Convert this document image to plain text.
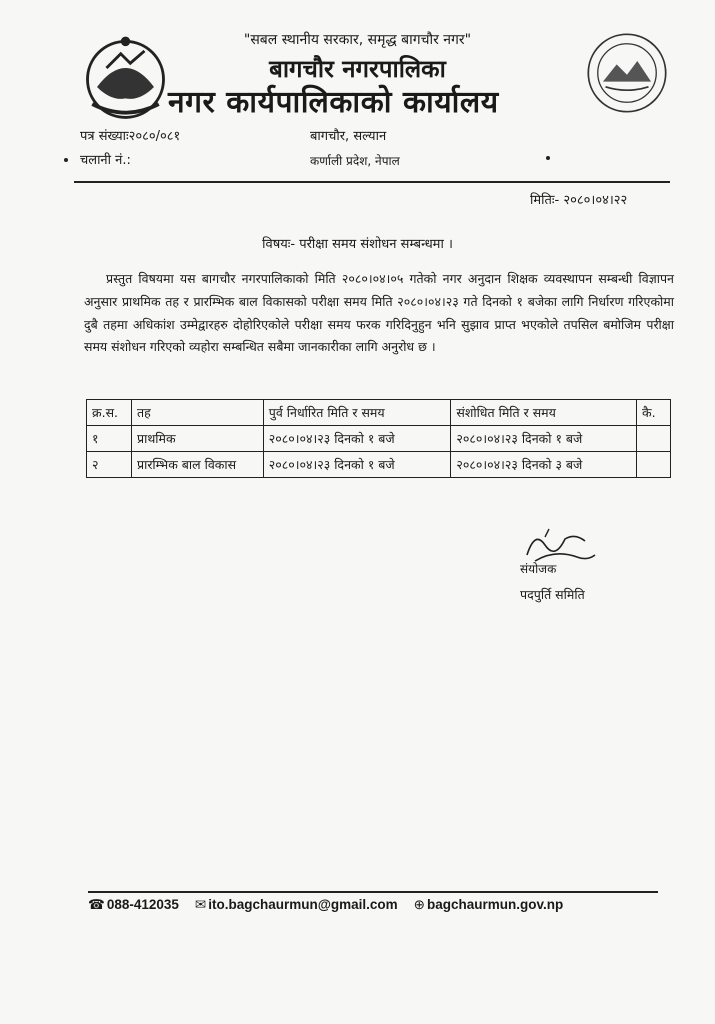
"सबल स्थानीय सरकार, समृद्ध बागचौर नगर"
बागचौर नगरपालिका
नगर कार्यपालिकाको कार्यालय
पत्र संख्याः२०८०/०८१
चलानी नं.:
बागचौर, सल्यान
कर्णाली प्रदेश, नेपाल
मितिः- २०८०।०४।२२
विषयः- परीक्षा समय संशोधन सम्बन्धमा ।
प्रस्तुत विषयमा यस बागचौर नगरपालिकाको मिति २०८०।०४।०५ गतेको नगर अनुदान शिक्षक व्यवस्थापन सम्बन्धी विज्ञापन अनुसार प्राथमिक तह र प्रारम्भिक बाल विकासको परीक्षा समय मिति २०८०।०४।२३ गते दिनको १ बजेका लागि निर्धारण गरिएकोमा दुबै तहमा अधिकांश उम्मेद्वारहरु दोहोरिएकोले परीक्षा समय फरक गरिदिनुहुन भनि सुझाव प्राप्त भएकोले तपसिल बमोजिम परीक्षा समय संशोधन गरिएको व्यहोरा सम्बन्धित सबैमा जानकारीका लागि अनुरोध छ ।
क्र.स.	तह	पुर्व निर्धारित मिति र समय	संशोधित मिति र समय	कै.
१	प्राथमिक	२०८०।०४।२३ दिनको १ बजे	२०८०।०४।२३ दिनको १ बजे	
२	प्रारम्भिक बाल विकास	२०८०।०४।२३ दिनको १ बजे	२०८०।०४।२३ दिनको ३ बजे	
संयोजक
पदपुर्ति समिति
☎ 088-412035 ✉ ito.bagchaurmun@gmail.com ⊕ bagchaurmun.gov.np
